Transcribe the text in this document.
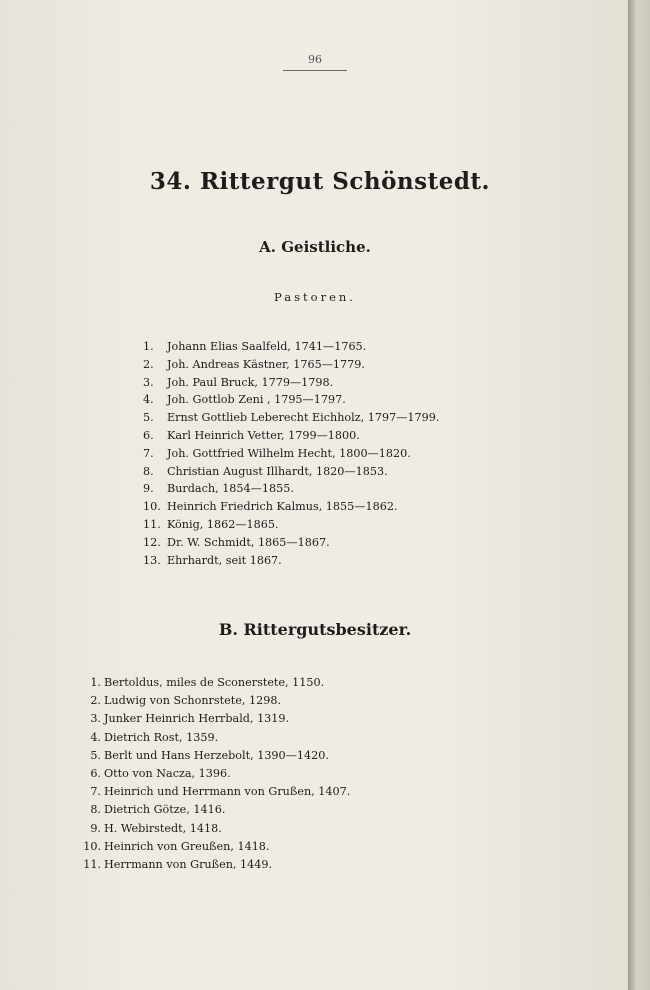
96
34. Rittergut Schönstedt.
A. Geistliche.
Pastoren.
1. Johann Elias Saalfeld, 1741—1765.
2. Joh. Andreas Kästner, 1765—1779.
3. Joh. Paul Bruck, 1779—1798.
4. Joh. Gottlob Zeni , 1795—1797.
5. Ernst Gottlieb Leberecht Eichholz, 1797—1799.
6. Karl Heinrich Vetter, 1799—1800.
7. Joh. Gottfried Wilhelm Hecht, 1800—1820.
8. Christian August Illhardt, 1820—1853.
9. Burdach, 1854—1855.
10. Heinrich Friedrich Kalmus, 1855—1862.
11. König, 1862—1865.
12. Dr. W. Schmidt, 1865—1867.
13. Ehrhardt, seit 1867.
B. Rittergutsbesitzer.
1. Bertoldus, miles de Sconerstete, 1150.
2. Ludwig von Schonrstete, 1298.
3. Junker Heinrich Herrbald, 1319.
4. Dietrich Rost, 1359.
5. Berlt und Hans Herzebolt, 1390—1420.
6. Otto von Nacza, 1396.
7. Heinrich und Herrmann von Grußen, 1407.
8. Dietrich Götze, 1416.
9. H. Webirstedt, 1418.
10. Heinrich von Greußen, 1418.
11. Herrmann von Grußen, 1449.
